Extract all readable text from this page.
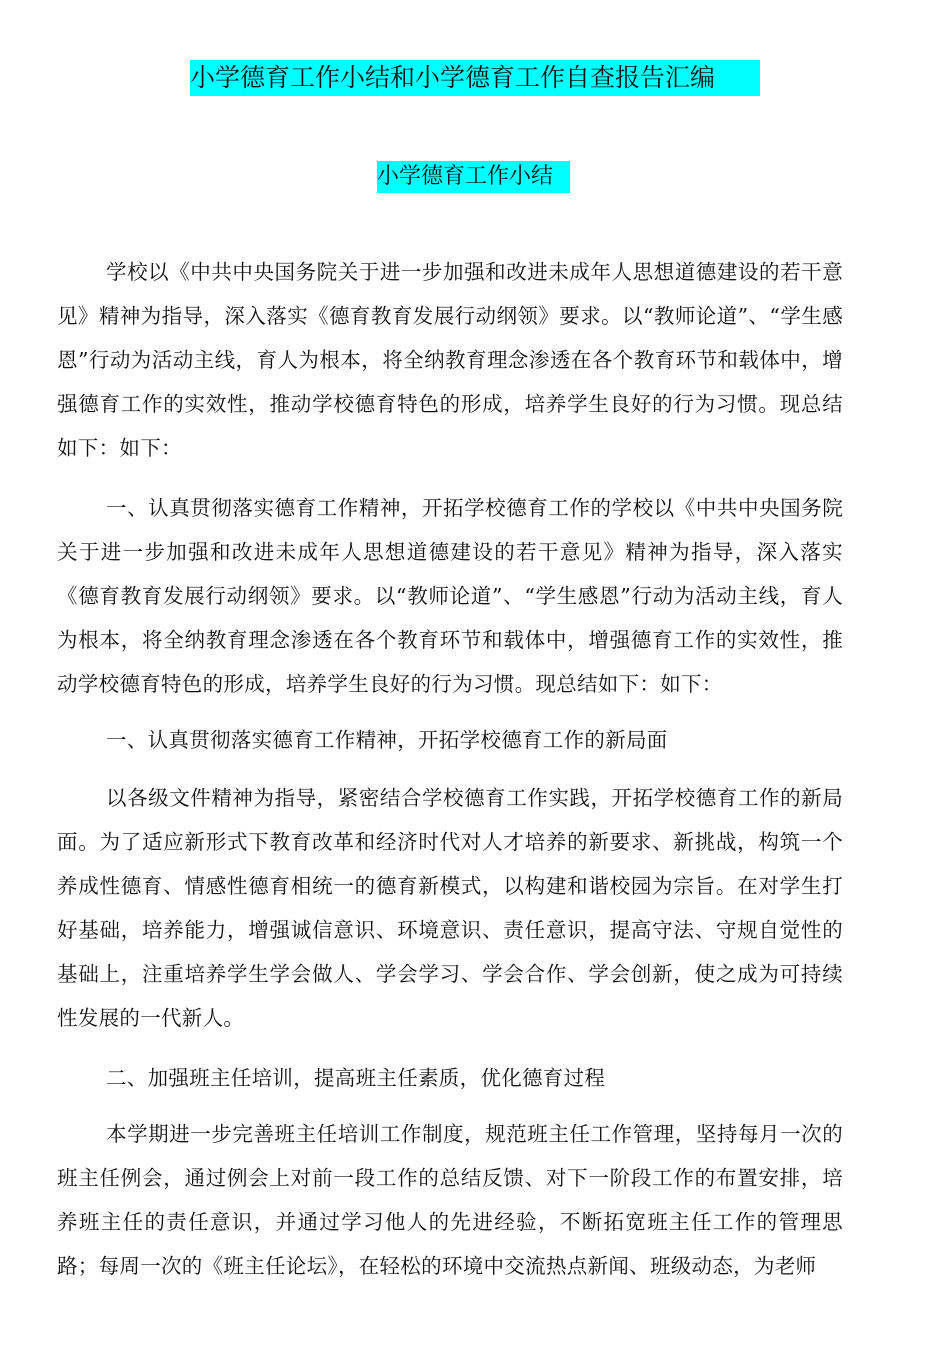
小学德育工作小结和小学德育工作自查报告汇编
小学德育工作小结
学校以《中共中央国务院关于进一步加强和改进未成年人思想道德建设的若干意见》精神为指导，深入落实《德育教育发展行动纲领》要求。以“教师论道”、“学生感恩”行动为活动主线，育人为根本，将全纳教育理念渗透在各个教育环节和载体中，增强德育工作的实效性，推动学校德育特色的形成，培养学生良好的行为习惯。现总结如下：如下：
一、认真贯彻落实德育工作精神，开拓学校德育工作的学校以《中共中央国务院关于进一步加强和改进未成年人思想道德建设的若干意见》精神为指导，深入落实《德育教育发展行动纲领》要求。以“教师论道”、“学生感恩”行动为活动主线，育人为根本，将全纳教育理念渗透在各个教育环节和载体中，增强德育工作的实效性，推动学校德育特色的形成，培养学生良好的行为习惯。现总结如下：如下：
一、认真贯彻落实德育工作精神，开拓学校德育工作的新局面
以各级文件精神为指导，紧密结合学校德育工作实践，开拓学校德育工作的新局面。为了适应新形式下教育改革和经济时代对人才培养的新要求、新挑战，构筑一个养成性德育、情感性德育相统一的德育新模式，以构建和谐校园为宗旨。在对学生打好基础，培养能力，增强诚信意识、环境意识、责任意识，提高守法、守规自觉性的基础上，注重培养学生学会做人、学会学习、学会合作、学会创新，使之成为可持续性发展的一代新人。
二、加强班主任培训，提高班主任素质，优化德育过程
本学期进一步完善班主任培训工作制度，规范班主任工作管理，坚持每月一次的班主任例会，通过例会上对前一段工作的总结反馈、对下一阶段工作的布置安排，培养班主任的责任意识，并通过学习他人的先进经验，不断拓宽班主任工作的管理思路；每周一次的《班主任论坛》，在轻松的环境中交流热点新闻、班级动态，为老师
